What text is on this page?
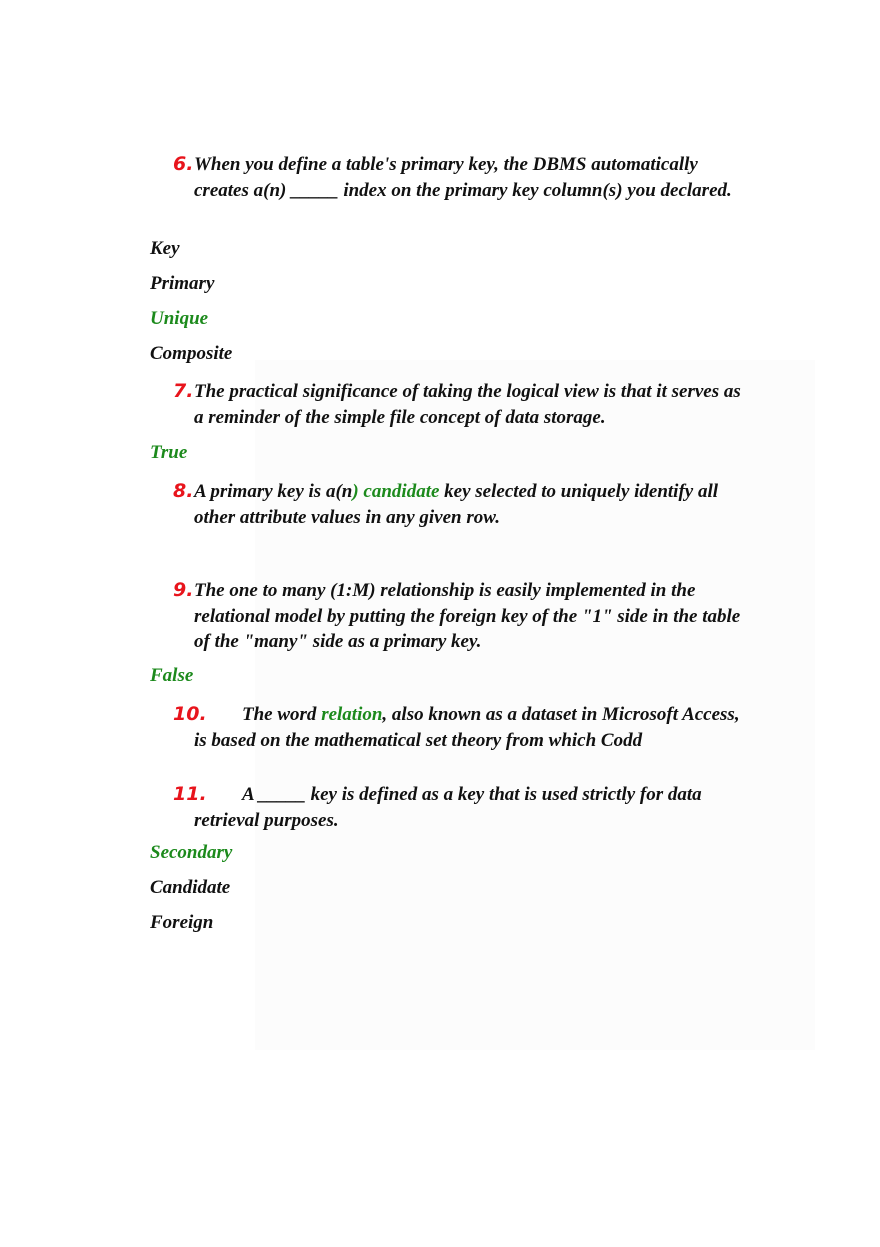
6. When you define a table's primary key, the DBMS automatically creates a(n) _____ index on the primary key column(s) you declared.

Key

Primary

Unique

Composite

7. The practical significance of taking the logical view is that it serves as a reminder of the simple file concept of data storage.

True

8. A primary key is a(n) candidate key selected to uniquely identify all other attribute values in any given row.

9. The one to many (1:M) relationship is easily implemented in the relational model by putting the foreign key of the "1" side in the table of the "many" side as a primary key.

False

10.	The word relation, also known as a dataset in Microsoft Access, is based on the mathematical set theory from which Codd

11.	A _____ key is defined as a key that is used strictly for data retrieval purposes.

Secondary

Candidate

Foreign
